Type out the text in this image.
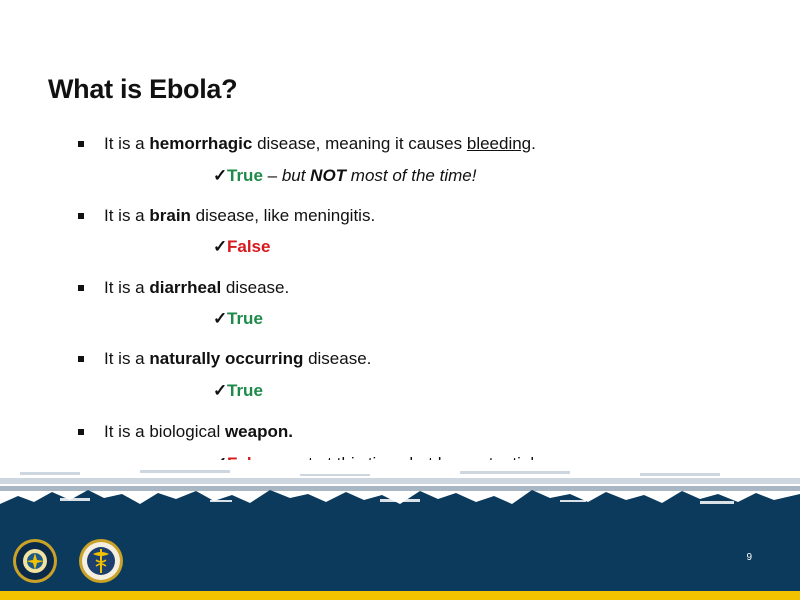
What is Ebola?
It is a hemorrhagic disease, meaning it causes bleeding.
✓True – but NOT most of the time!
It is a brain disease, like meningitis.
✓False
It is a diarrheal disease.
✓True
It is a naturally occurring disease.
✓True
It is a biological weapon.
9
